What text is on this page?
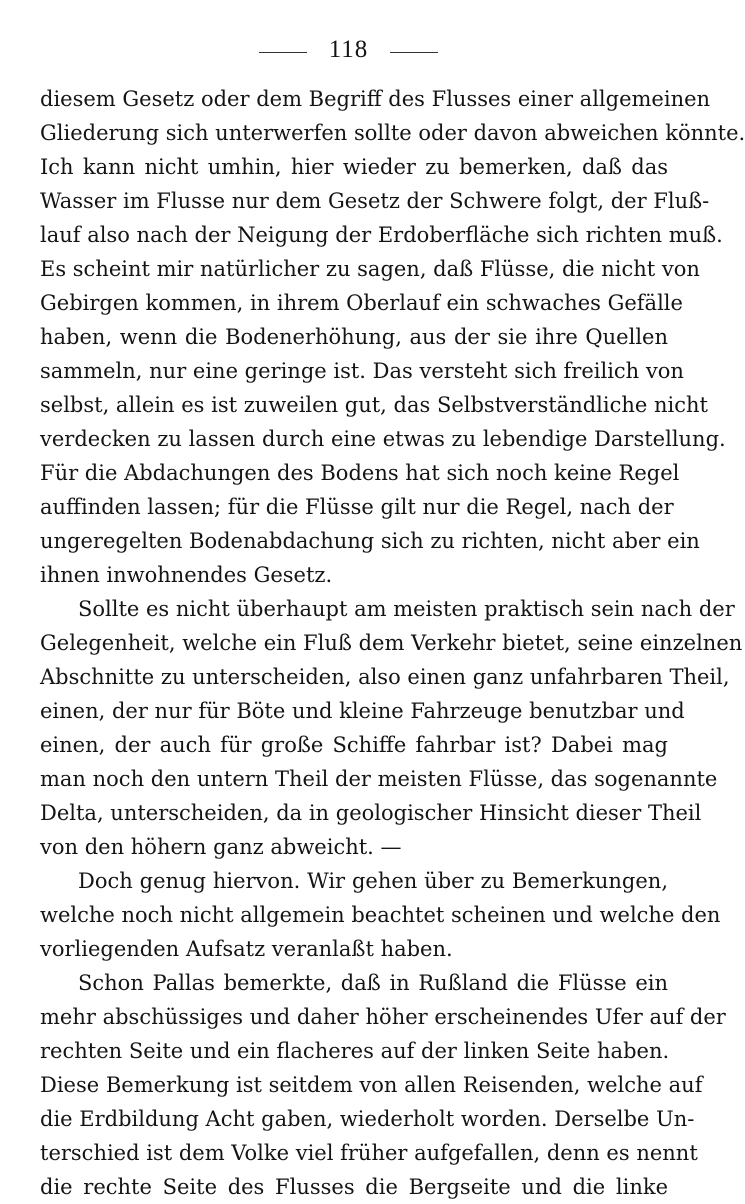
118

diesem Gesetz oder dem Begriff des Flusses einer allgemeinen
Gliederung sich unterwerfen sollte oder davon abweichen könnte.
Ich kann nicht umhin, hier wieder zu bemerken, daß das
Wasser im Flusse nur dem Gesetz der Schwere folgt, der Fluß-
lauf also nach der Neigung der Erdoberfläche sich richten muß.
Es scheint mir natürlicher zu sagen, daß Flüsse, die nicht von
Gebirgen kommen, in ihrem Oberlauf ein schwaches Gefälle
haben, wenn die Bodenerhöhung, aus der sie ihre Quellen
sammeln, nur eine geringe ist. Das versteht sich freilich von
selbst, allein es ist zuweilen gut, das Selbstverständliche nicht
verdecken zu lassen durch eine etwas zu lebendige Darstellung.
Für die Abdachungen des Bodens hat sich noch keine Regel
auffinden lassen; für die Flüsse gilt nur die Regel, nach der
ungeregelten Bodenabdachung sich zu richten, nicht aber ein
ihnen inwohnendes Gesetz.

Sollte es nicht überhaupt am meisten praktisch sein nach der
Gelegenheit, welche ein Fluß dem Verkehr bietet, seine einzelnen
Abschnitte zu unterscheiden, also einen ganz unfahrbaren Theil,
einen, der nur für Böte und kleine Fahrzeuge benutzbar und
einen, der auch für große Schiffe fahrbar ist? Dabei mag
man noch den untern Theil der meisten Flüsse, das sogenannte
Delta, unterscheiden, da in geologischer Hinsicht dieser Theil
von den höhern ganz abweicht. —

Doch genug hiervon. Wir gehen über zu Bemerkungen,
welche noch nicht allgemein beachtet scheinen und welche den
vorliegenden Aufsatz veranlaßt haben.

Schon Pallas bemerkte, daß in Rußland die Flüsse ein
mehr abschüssiges und daher höher erscheinendes Ufer auf der
rechten Seite und ein flacheres auf der linken Seite haben.
Diese Bemerkung ist seitdem von allen Reisenden, welche auf
die Erdbildung Acht gaben, wiederholt worden. Derselbe Un-
terschied ist dem Volke viel früher aufgefallen, denn es nennt
die rechte Seite des Flusses die Bergseite und die linke
